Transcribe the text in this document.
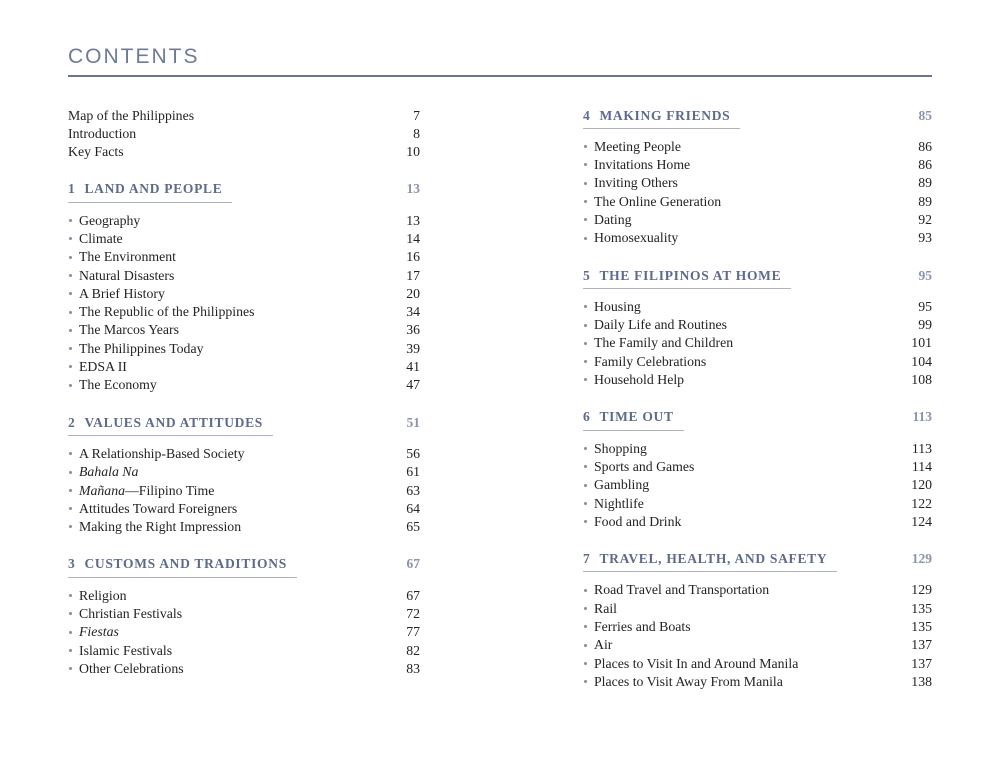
CONTENTS
Map of the Philippines	7
Introduction	8
Key Facts	10
1 LAND AND PEOPLE	13
Geography	13
Climate	14
The Environment	16
Natural Disasters	17
A Brief History	20
The Republic of the Philippines	34
The Marcos Years	36
The Philippines Today	39
EDSA II	41
The Economy	47
2 VALUES AND ATTITUDES	51
A Relationship-Based Society	56
Bahala Na	61
Mañana—Filipino Time	63
Attitudes Toward Foreigners	64
Making the Right Impression	65
3 CUSTOMS AND TRADITIONS	67
Religion	67
Christian Festivals	72
Fiestas	77
Islamic Festivals	82
Other Celebrations	83
4 MAKING FRIENDS	85
Meeting People	86
Invitations Home	86
Inviting Others	89
The Online Generation	89
Dating	92
Homosexuality	93
5 THE FILIPINOS AT HOME	95
Housing	95
Daily Life and Routines	99
The Family and Children	101
Family Celebrations	104
Household Help	108
6 TIME OUT	113
Shopping	113
Sports and Games	114
Gambling	120
Nightlife	122
Food and Drink	124
7 TRAVEL, HEALTH, AND SAFETY	129
Road Travel and Transportation	129
Rail	135
Ferries and Boats	135
Air	137
Places to Visit In and Around Manila	137
Places to Visit Away From Manila	138
